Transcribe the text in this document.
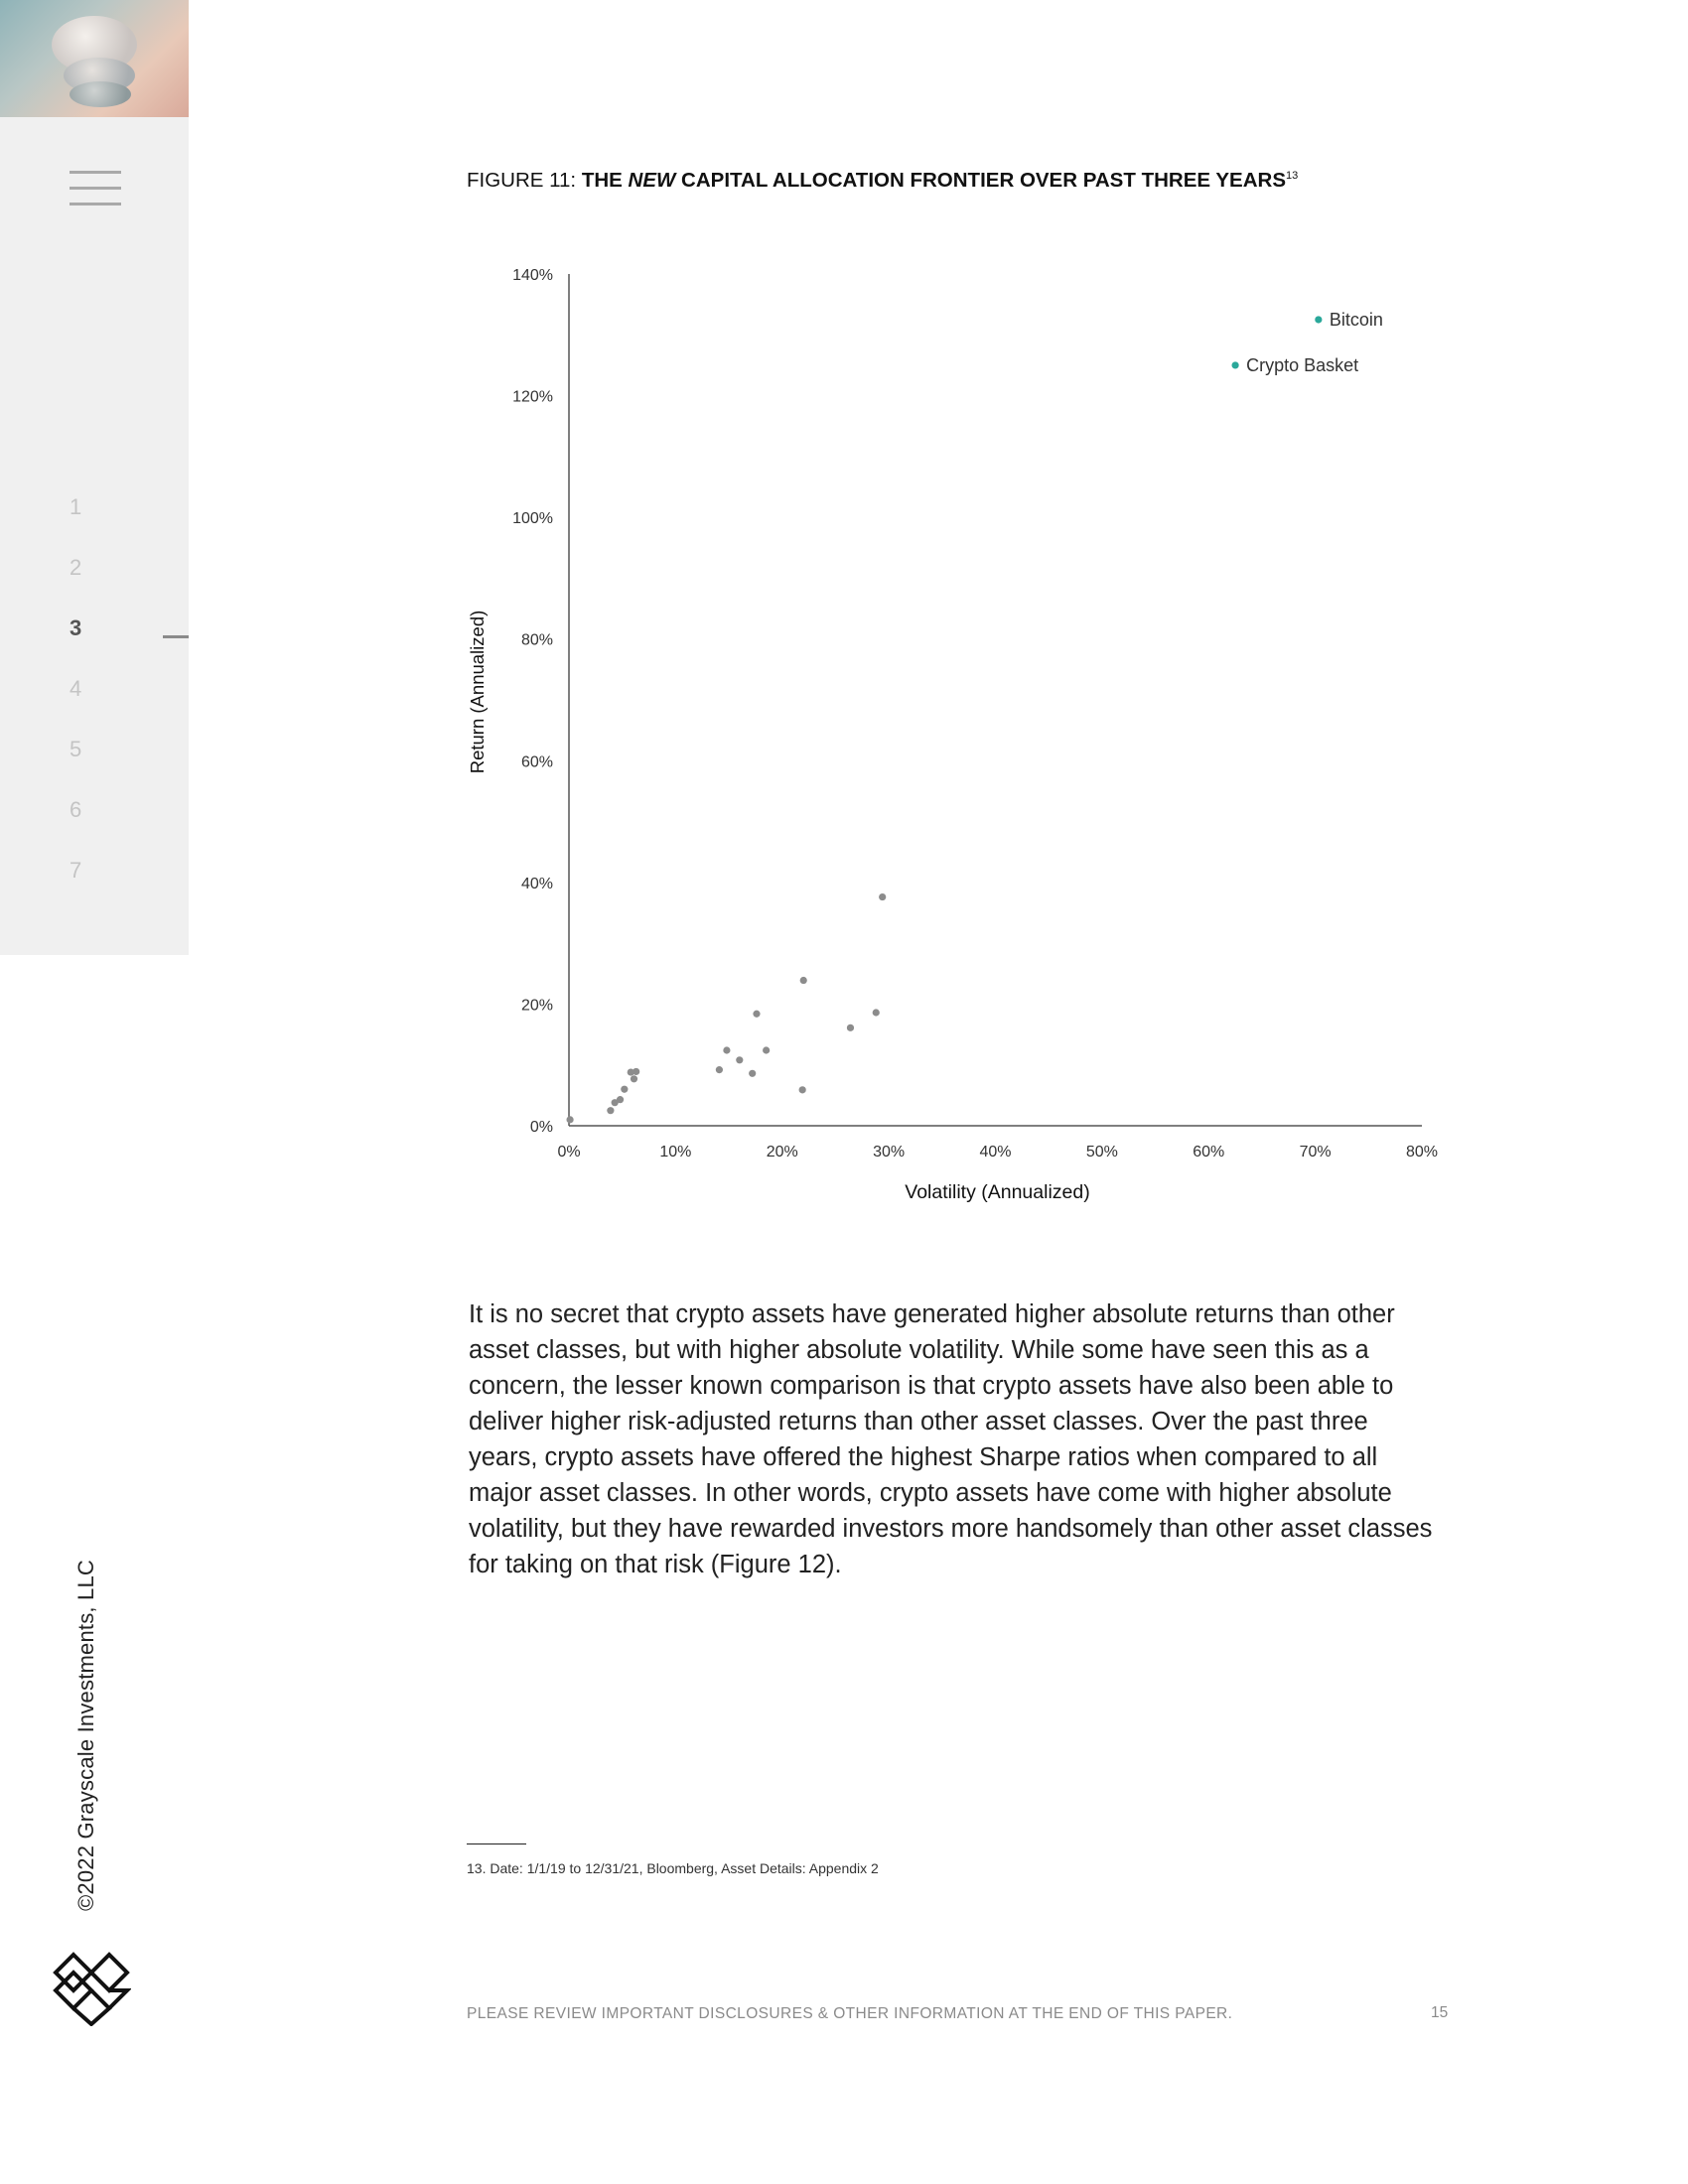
1
2
3
4
5
6
7
©2022 Grayscale Investments, LLC
FIGURE 11: THE NEW CAPITAL ALLOCATION FRONTIER OVER PAST THREE YEARS$^{13}$
0%	10%	20%	30%	40%	50%	60%	70%	80%
0%
20%
40%
60%
80%
100%
120%
140%
Volatility (Annualized)
Return (Annualized)
Bitcoin
Crypto Basket

It is no secret that crypto assets have generated higher absolute returns than other asset classes, but with higher absolute volatility. While some have seen this as a concern, the lesser known comparison is that crypto assets have also been able to deliver higher risk-adjusted returns than other asset classes. Over the past three years, crypto assets have offered the highest Sharpe ratios when compared to all major asset classes. In other words, crypto assets have come with higher absolute volatility, but they have rewarded investors more handsomely than other asset classes for taking on that risk (Figure 12).

13. Date: 1/1/19 to 12/31/21, Bloomberg, Asset Details: Appendix 2
PLEASE REVIEW IMPORTANT DISCLOSURES & OTHER INFORMATION AT THE END OF THIS PAPER.	15
